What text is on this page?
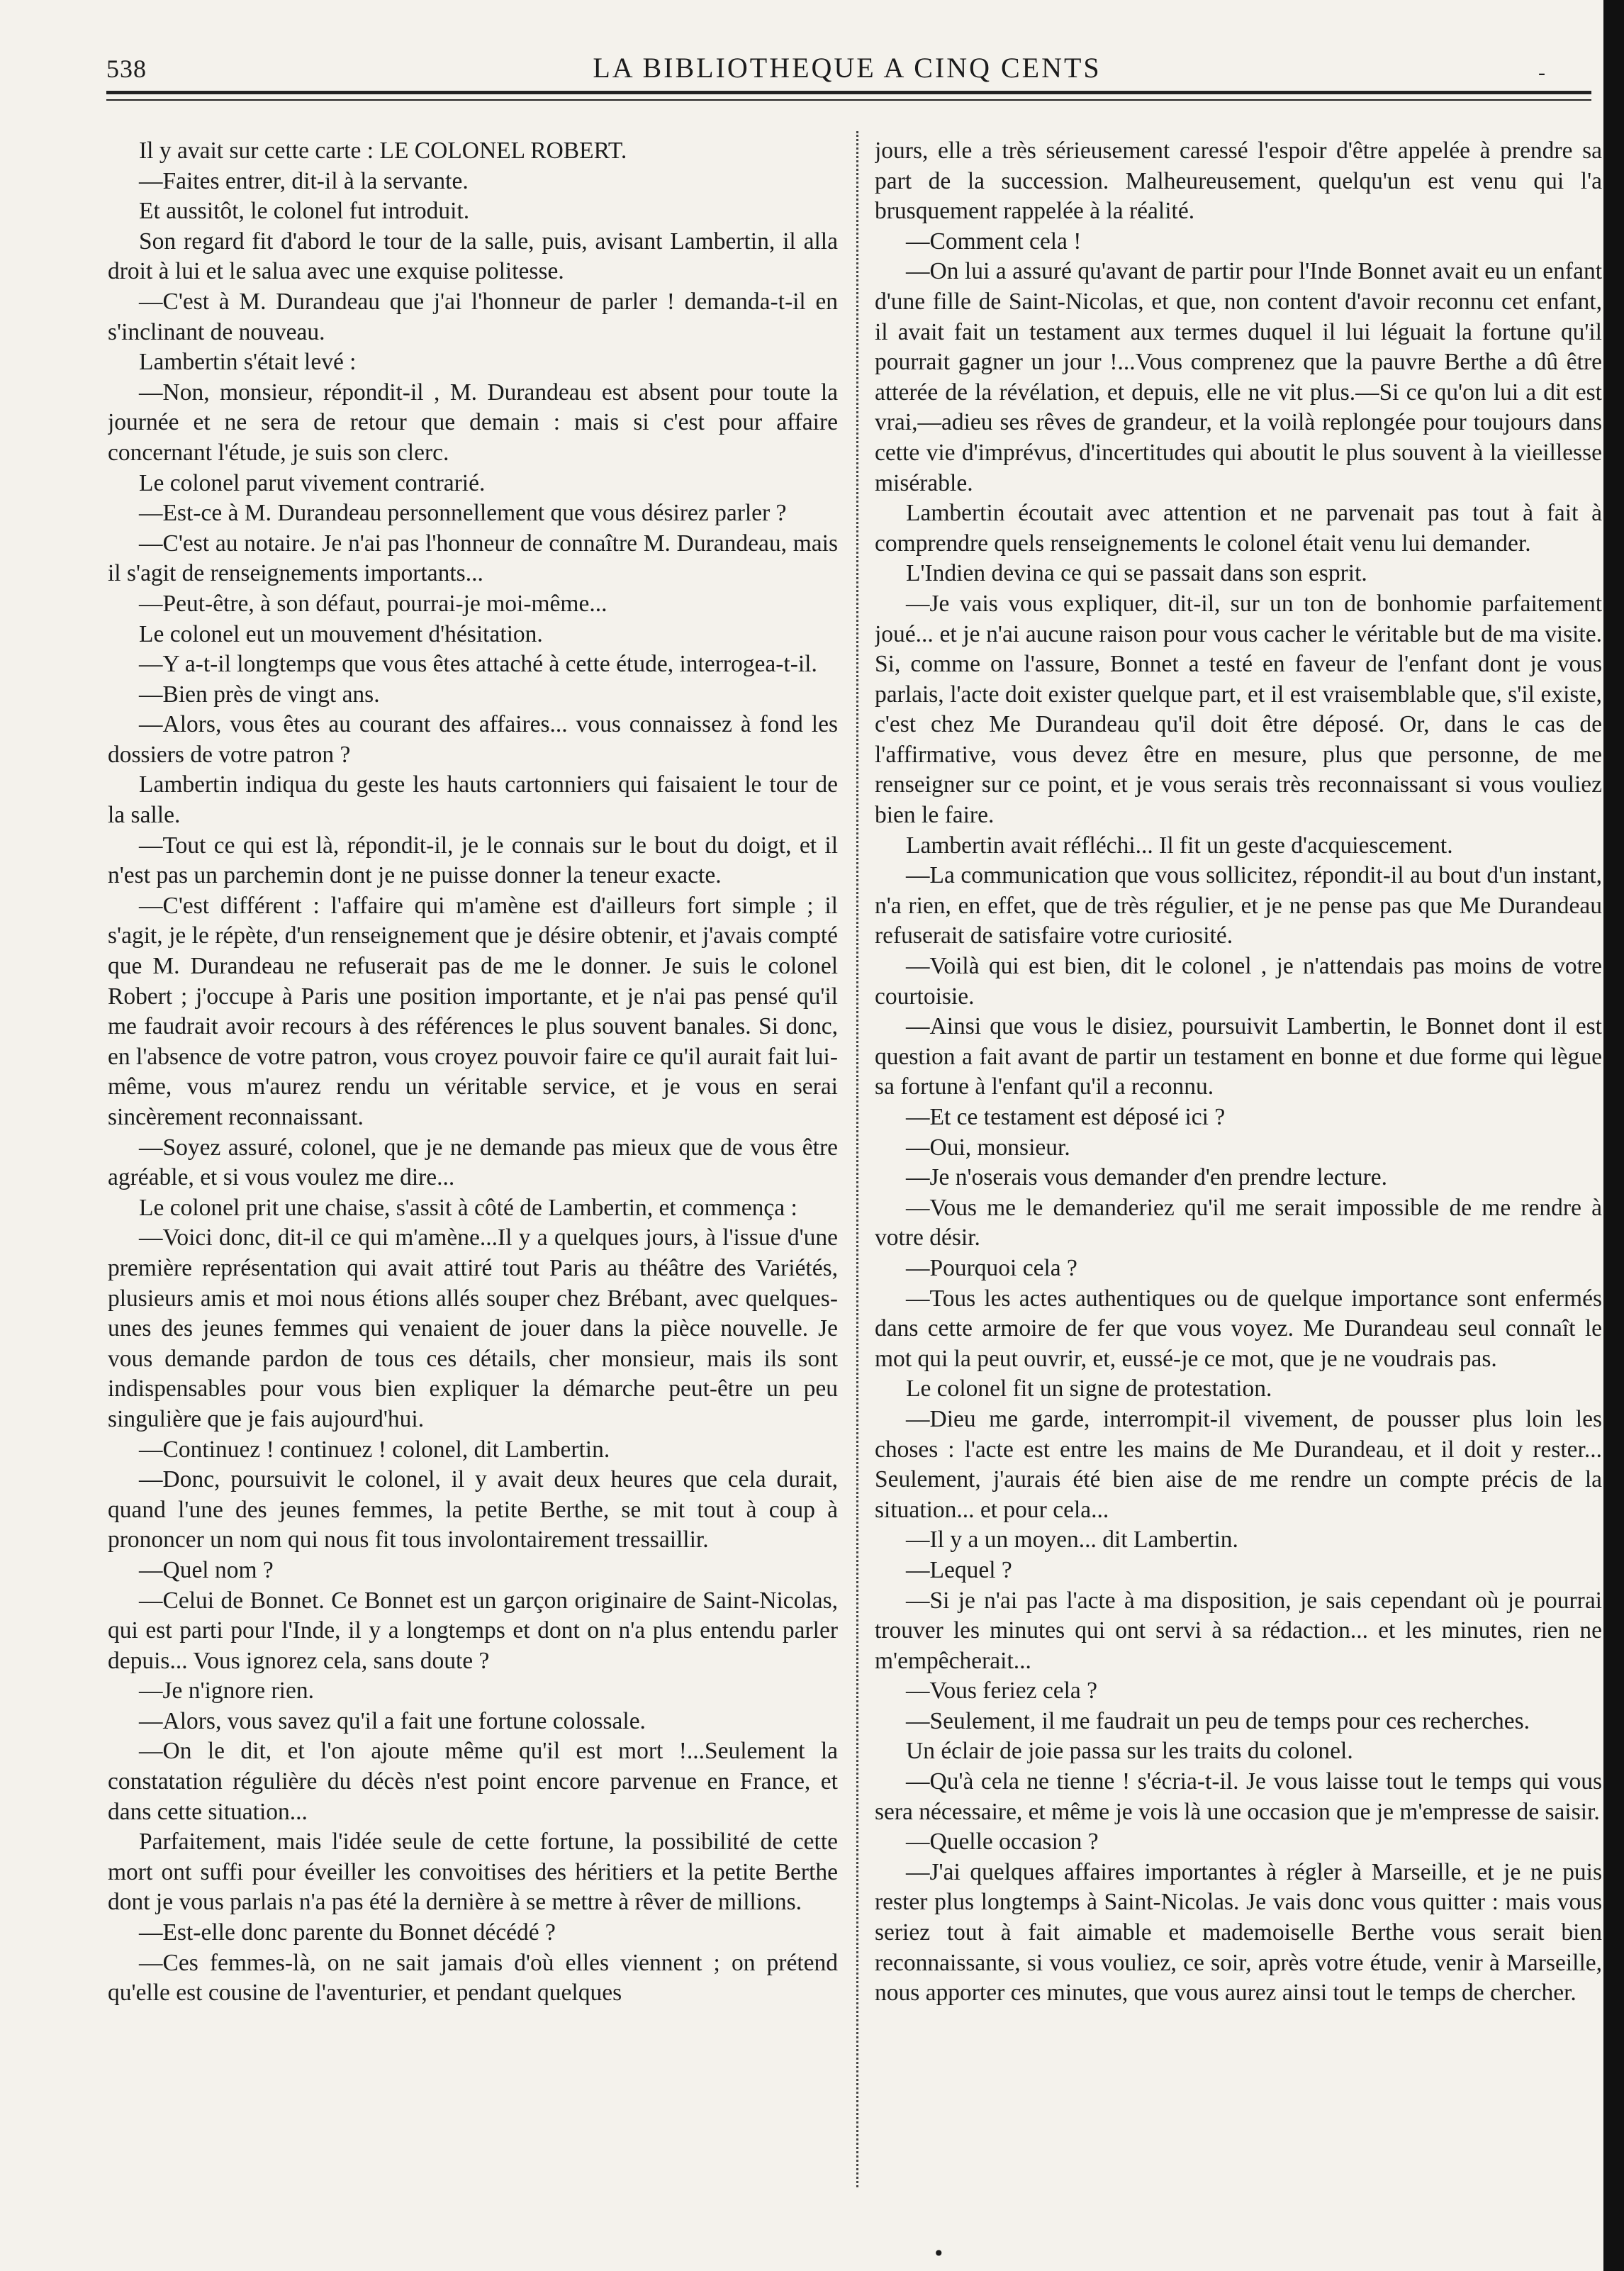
538	LA BIBLIOTHEQUE A CINQ CENTS	-

Il y avait sur cette carte : LE COLONEL ROBERT.

—Faites entrer, dit-il à la servante.

Et aussitôt, le colonel fut introduit.

Son regard fit d'abord le tour de la salle, puis, avisant Lambertin, il alla droit à lui et le salua avec une exquise politesse.

—C'est à M. Durandeau que j'ai l'honneur de parler ! demanda-t-il en s'inclinant de nouveau.

Lambertin s'était levé :

—Non, monsieur, répondit-il , M. Durandeau est absent pour toute la journée et ne sera de retour que demain : mais si c'est pour affaire concernant l'étude, je suis son clerc.

Le colonel parut vivement contrarié.

—Est-ce à M. Durandeau personnellement que vous désirez parler ?

—C'est au notaire. Je n'ai pas l'honneur de connaître M. Durandeau, mais il s'agit de renseignements importants...

—Peut-être, à son défaut, pourrai-je moi-même...

Le colonel eut un mouvement d'hésitation.

—Y a-t-il longtemps que vous êtes attaché à cette étude, interrogea-t-il.

—Bien près de vingt ans.

—Alors, vous êtes au courant des affaires... vous connaissez à fond les dossiers de votre patron ?

Lambertin indiqua du geste les hauts cartonniers qui faisaient le tour de la salle.

—Tout ce qui est là, répondit-il, je le connais sur le bout du doigt, et il n'est pas un parchemin dont je ne puisse donner la teneur exacte.

—C'est différent : l'affaire qui m'amène est d'ailleurs fort simple ; il s'agit, je le répète, d'un renseignement que je désire obtenir, et j'avais compté que M. Durandeau ne refuserait pas de me le donner. Je suis le colonel Robert ; j'occupe à Paris une position importante, et je n'ai pas pensé qu'il me faudrait avoir recours à des références le plus souvent banales. Si donc, en l'absence de votre patron, vous croyez pouvoir faire ce qu'il aurait fait lui-même, vous m'aurez rendu un véritable service, et je vous en serai sincèrement reconnaissant.

—Soyez assuré, colonel, que je ne demande pas mieux que de vous être agréable, et si vous voulez me dire...

Le colonel prit une chaise, s'assit à côté de Lambertin, et commença :

—Voici donc, dit-il ce qui m'amène...Il y a quelques jours, à l'issue d'une première représentation qui avait attiré tout Paris au théâtre des Variétés, plusieurs amis et moi nous étions allés souper chez Brébant, avec quelques-unes des jeunes femmes qui venaient de jouer dans la pièce nouvelle. Je vous demande pardon de tous ces détails, cher monsieur, mais ils sont indispensables pour vous bien expliquer la démarche peut-être un peu singulière que je fais aujourd'hui.

—Continuez ! continuez ! colonel, dit Lambertin.

—Donc, poursuivit le colonel, il y avait deux heures que cela durait, quand l'une des jeunes femmes, la petite Berthe, se mit tout à coup à prononcer un nom qui nous fit tous involontairement tressaillir.

—Quel nom ?

—Celui de Bonnet. Ce Bonnet est un garçon originaire de Saint-Nicolas, qui est parti pour l'Inde, il y a longtemps et dont on n'a plus entendu parler depuis... Vous ignorez cela, sans doute ?

—Je n'ignore rien.

—Alors, vous savez qu'il a fait une fortune colossale.

—On le dit, et l'on ajoute même qu'il est mort !...Seulement la constatation régulière du décès n'est point encore parvenue en France, et dans cette situation...

Parfaitement, mais l'idée seule de cette fortune, la possibilité de cette mort ont suffi pour éveiller les convoitises des héritiers et la petite Berthe dont je vous parlais n'a pas été la dernière à se mettre à rêver de millions.

—Est-elle donc parente du Bonnet décédé ?

—Ces femmes-là, on ne sait jamais d'où elles viennent ; on prétend qu'elle est cousine de l'aventurier, et pendant quelques

jours, elle a très sérieusement caressé l'espoir d'être appelée à prendre sa part de la succession. Malheureusement, quelqu'un est venu qui l'a brusquement rappelée à la réalité.

—Comment cela !

—On lui a assuré qu'avant de partir pour l'Inde Bonnet avait eu un enfant d'une fille de Saint-Nicolas, et que, non content d'avoir reconnu cet enfant, il avait fait un testament aux termes duquel il lui léguait la fortune qu'il pourrait gagner un jour !...Vous comprenez que la pauvre Berthe a dû être atterée de la révélation, et depuis, elle ne vit plus.—Si ce qu'on lui a dit est vrai,—adieu ses rêves de grandeur, et la voilà replongée pour toujours dans cette vie d'imprévus, d'incertitudes qui aboutit le plus souvent à la vieillesse misérable.

Lambertin écoutait avec attention et ne parvenait pas tout à fait à comprendre quels renseignements le colonel était venu lui demander.

L'Indien devina ce qui se passait dans son esprit.

—Je vais vous expliquer, dit-il, sur un ton de bonhomie parfaitement joué... et je n'ai aucune raison pour vous cacher le véritable but de ma visite. Si, comme on l'assure, Bonnet a testé en faveur de l'enfant dont je vous parlais, l'acte doit exister quelque part, et il est vraisemblable que, s'il existe, c'est chez Me Durandeau qu'il doit être déposé. Or, dans le cas de l'affirmative, vous devez être en mesure, plus que personne, de me renseigner sur ce point, et je vous serais très reconnaissant si vous vouliez bien le faire.

Lambertin avait réfléchi... Il fit un geste d'acquiescement.

—La communication que vous sollicitez, répondit-il au bout d'un instant, n'a rien, en effet, que de très régulier, et je ne pense pas que Me Durandeau refuserait de satisfaire votre curiosité.

—Voilà qui est bien, dit le colonel , je n'attendais pas moins de votre courtoisie.

—Ainsi que vous le disiez, poursuivit Lambertin, le Bonnet dont il est question a fait avant de partir un testament en bonne et due forme qui lègue sa fortune à l'enfant qu'il a reconnu.

—Et ce testament est déposé ici ?

—Oui, monsieur.

—Je n'oserais vous demander d'en prendre lecture.

—Vous me le demanderiez qu'il me serait impossible de me rendre à votre désir.

—Pourquoi cela ?

—Tous les actes authentiques ou de quelque importance sont enfermés dans cette armoire de fer que vous voyez. Me Durandeau seul connaît le mot qui la peut ouvrir, et, eussé-je ce mot, que je ne voudrais pas.

Le colonel fit un signe de protestation.

—Dieu me garde, interrompit-il vivement, de pousser plus loin les choses : l'acte est entre les mains de Me Durandeau, et il doit y rester... Seulement, j'aurais été bien aise de me rendre un compte précis de la situation... et pour cela...

—Il y a un moyen... dit Lambertin.

—Lequel ?

—Si je n'ai pas l'acte à ma disposition, je sais cependant où je pourrai trouver les minutes qui ont servi à sa rédaction... et les minutes, rien ne m'empêcherait...

—Vous feriez cela ?

—Seulement, il me faudrait un peu de temps pour ces recherches.

Un éclair de joie passa sur les traits du colonel.

—Qu'à cela ne tienne ! s'écria-t-il. Je vous laisse tout le temps qui vous sera nécessaire, et même je vois là une occasion que je m'empresse de saisir.

—Quelle occasion ?

—J'ai quelques affaires importantes à régler à Marseille, et je ne puis rester plus longtemps à Saint-Nicolas. Je vais donc vous quitter : mais vous seriez tout à fait aimable et mademoiselle Berthe vous serait bien reconnaissante, si vous vouliez, ce soir, après votre étude, venir à Marseille, nous apporter ces minutes, que vous aurez ainsi tout le temps de chercher.

•
